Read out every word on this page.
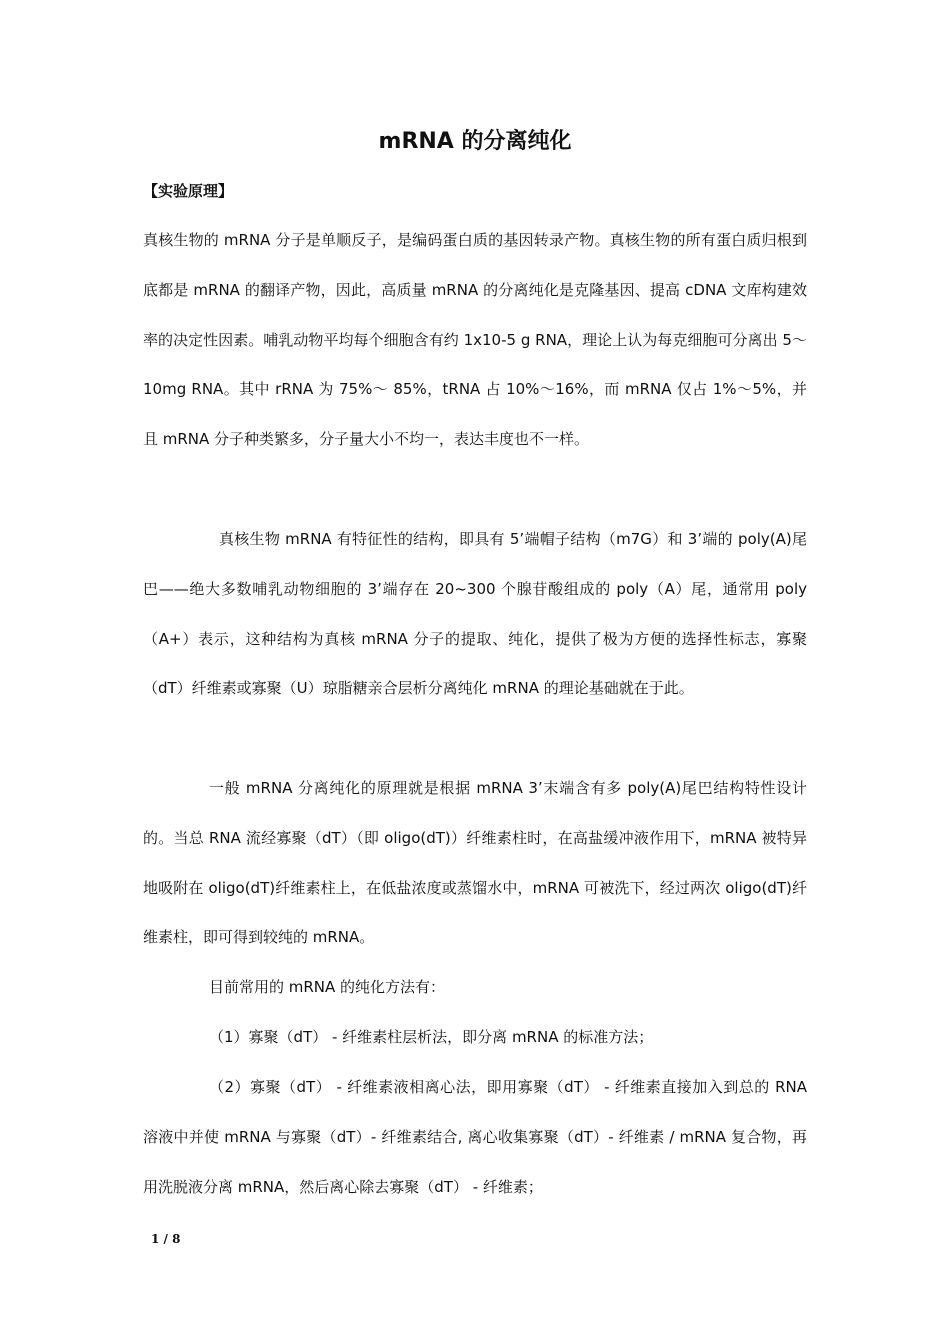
mRNA 的分离纯化
【实验原理】

真核生物的 mRNA 分子是单顺反子，是编码蛋白质的基因转录产物。真核生物的所有蛋白质归根到底都是 mRNA 的翻译产物，因此，高质量 mRNA 的分离纯化是克隆基因、提高 cDNA 文库构建效率的决定性因素。哺乳动物平均每个细胞含有约 1x10-5 g RNA，理论上认为每克细胞可分离出 5～10mg RNA。其中 rRNA 为 75%～ 85%，tRNA 占 10%～16%，而 mRNA 仅占 1%～5%，并且 mRNA 分子种类繁多，分子量大小不均一，表达丰度也不一样。

真核生物 mRNA 有特征性的结构，即具有 5’端帽子结构（m7G）和 3’端的 poly(A)尾巴——绝大多数哺乳动物细胞的 3’端存在 20~300 个腺苷酸组成的 poly（A）尾，通常用 poly（A+）表示，这种结构为真核 mRNA 分子的提取、纯化，提供了极为方便的选择性标志，寡聚（dT）纤维素或寡聚（U）琼脂糖亲合层析分离纯化 mRNA 的理论基础就在于此。

一般 mRNA 分离纯化的原理就是根据 mRNA 3’末端含有多 poly(A)尾巴结构特性设计的。当总 RNA 流经寡聚（dT）（即 oligo(dT)）纤维素柱时，在高盐缓冲液作用下，mRNA 被特异地吸附在 oligo(dT)纤维素柱上，在低盐浓度或蒸馏水中，mRNA 可被洗下，经过两次 oligo(dT)纤维素柱，即可得到较纯的 mRNA。

目前常用的 mRNA 的纯化方法有：
（1）寡聚（dT） - 纤维素柱层析法，即分离 mRNA 的标准方法；

（2）寡聚（dT） - 纤维素液相离心法，即用寡聚（dT） - 纤维素直接加入到总的 RNA 溶液中并使 mRNA 与寡聚（dT）- 纤维素结合, 离心收集寡聚（dT）- 纤维素 / mRNA 复合物，再用洗脱液分离 mRNA，然后离心除去寡聚（dT） - 纤维素；

1 / 8
